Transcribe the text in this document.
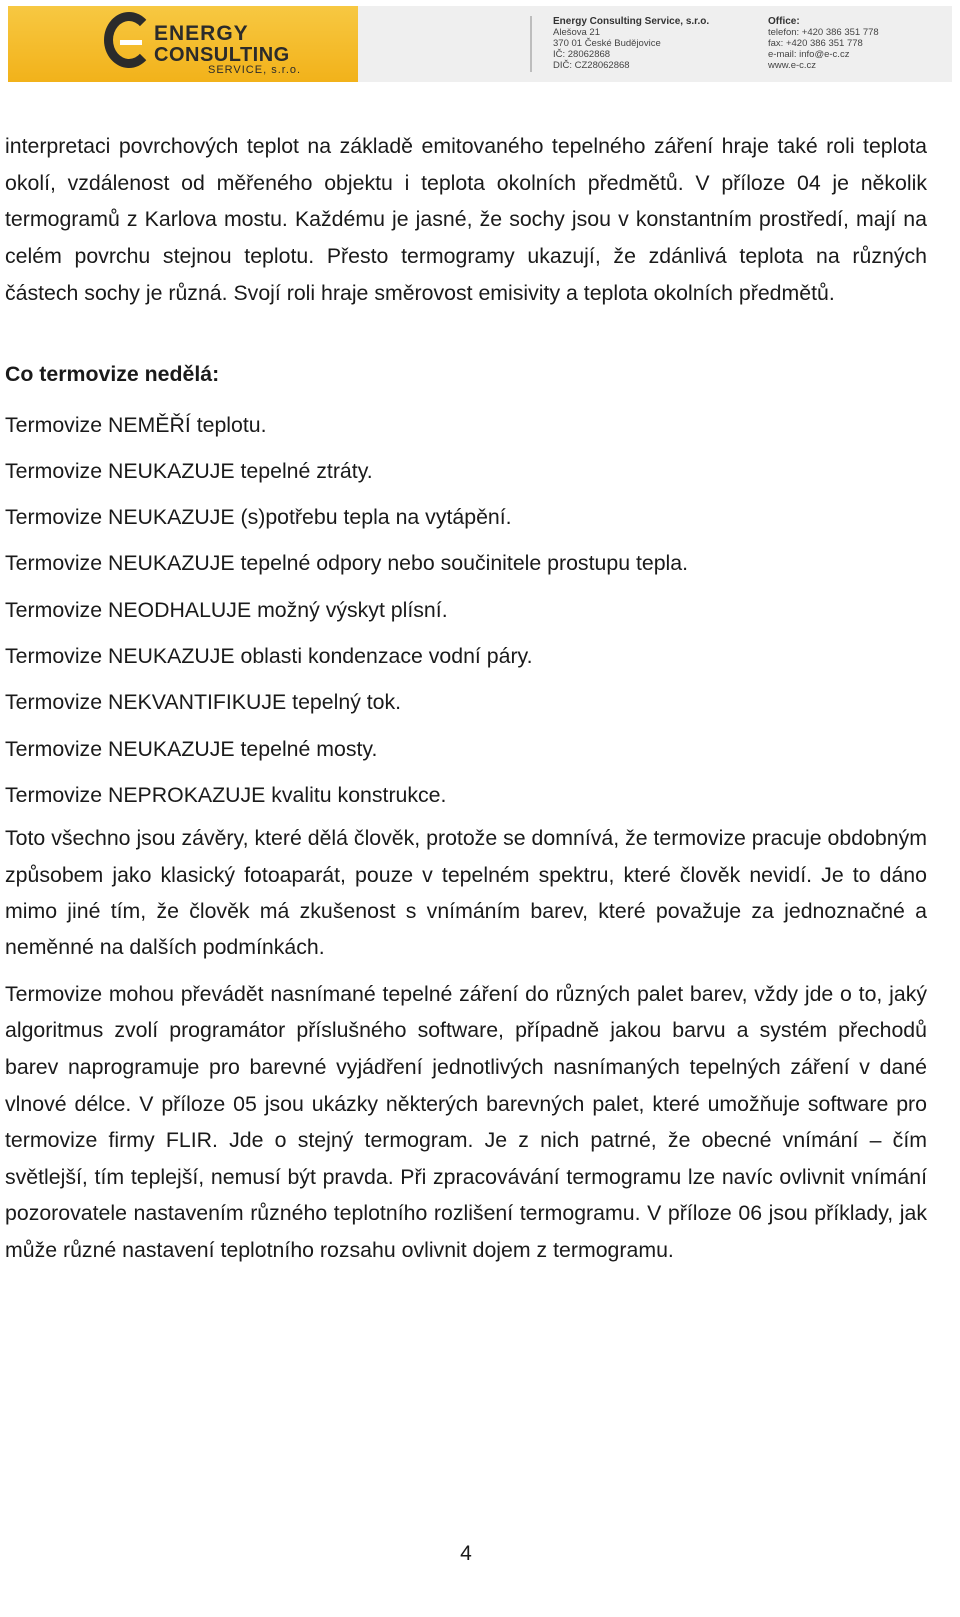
ENERGY
CONSULTING
SERVICE, s.r.o.
Energy Consulting Service, s.r.o.
Alešova 21
370 01 České Budějovice
IČ: 28062868
DIČ: CZ28062868
Office:
telefon: +420 386 351 778
fax: +420 386 351 778
e-mail: info@e-c.cz
www.e-c.cz

interpretaci povrchových teplot na základě emitovaného tepelného záření hraje také roli teplota okolí, vzdálenost od měřeného objektu i teplota okolních předmětů. V příloze 04 je několik termogramů z Karlova mostu. Každému je jasné, že sochy jsou v konstantním prostředí, mají na celém povrchu stejnou teplotu. Přesto termogramy ukazují, že zdánlivá teplota na různých částech sochy je různá. Svojí roli hraje směrovost emisivity a teplota okolních předmětů.

Co termovize nedělá:
Termovize NEMĚŘÍ teplotu.
Termovize NEUKAZUJE tepelné ztráty.
Termovize NEUKAZUJE (s)potřebu tepla na vytápění.
Termovize NEUKAZUJE tepelné odpory nebo součinitele prostupu tepla.
Termovize NEODHALUJE možný výskyt plísní.
Termovize NEUKAZUJE oblasti kondenzace vodní páry.
Termovize NEKVANTIFIKUJE tepelný tok.
Termovize NEUKAZUJE tepelné mosty.
Termovize NEPROKAZUJE kvalitu konstrukce.

Toto všechno jsou závěry, které dělá člověk, protože se domnívá, že termovize pracuje obdobným způsobem jako klasický fotoaparát, pouze v tepelném spektru, které člověk nevidí. Je to dáno mimo jiné tím, že člověk má zkušenost s vnímáním barev, které považuje za jednoznačné a neměnné na dalších podmínkách.

Termovize mohou převádět nasnímané tepelné záření do různých palet barev, vždy jde o to, jaký algoritmus zvolí programátor příslušného software, případně jakou barvu a systém přechodů barev naprogramuje pro barevné vyjádření jednotlivých nasnímaných tepelných záření v dané vlnové délce. V příloze 05 jsou ukázky některých barevných palet, které umožňuje software pro termovize firmy FLIR. Jde o stejný termogram. Je z nich patrné, že obecné vnímání – čím světlejší, tím teplejší, nemusí být pravda. Při zpracovávání termogramu lze navíc ovlivnit vnímání pozorovatele nastavením různého teplotního rozlišení termogramu. V příloze 06 jsou příklady, jak může různé nastavení teplotního rozsahu ovlivnit dojem z termogramu.

4
